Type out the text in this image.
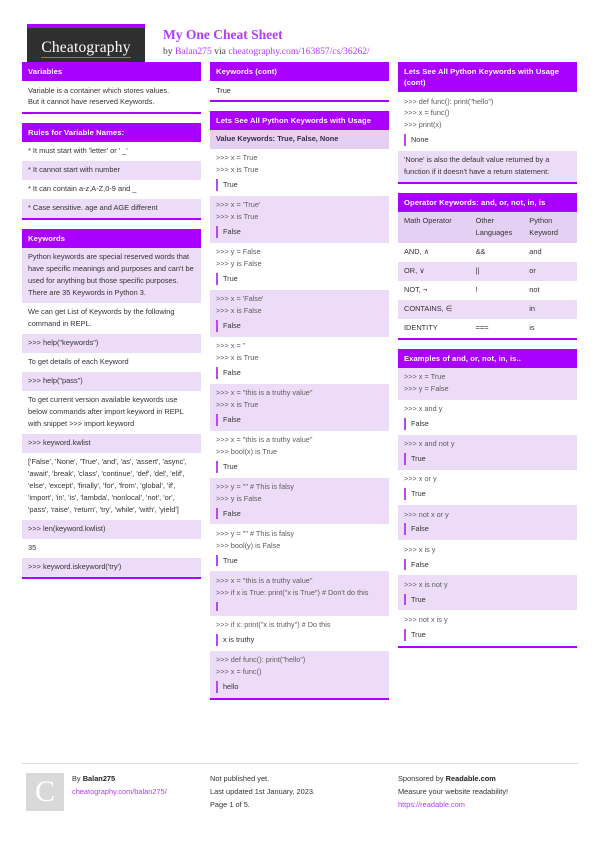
Cheatography
My One Cheat Sheet
by Balan275 via cheatography.com/163857/cs/36262/
Variables

Variable is a container which stores values.

But it cannot have reserved Keywords.

Rules for Variable Names:
* It must start with 'letter' or ' _'
* It cannot start with number
* It can contain a-z,A-Z,0-9 and _
* Case sensitive. age and AGE different
Keywords
Python keywords are special reserved words that have specific meanings and purposes and can't be used for anything but those specific purposes. There are 35 Keywords in Python 3.
We can get List of Keywords by the following command in REPL.
>>> help("keywords")
To get details of each Keyword
>>> help("pass")
To get current version available keywords use below commands after import keyword in REPL with snippet >>> import keyword
>>> keyword.kwlist
['False', 'None', 'True', 'and', 'as', 'assert', 'async', 'await', 'break', 'class', 'continue', 'def', 'del', 'elif', 'else', 'except', 'finally', 'for', 'from', 'global', 'if', 'import', 'in', 'is', 'lambda', 'nonlocal', 'not', 'or', 'pass', 'raise', 'return', 'try', 'while', 'with', 'yield']
>>> len(keyword.kwlist)
35
>>> keyword.iskeyword('try')
Keywords (cont)
True
Lets See All Python Keywords with Usage
Value Keywords: True, False, None
>>> x = True
>>> x is True
True
>>> x = 'True'
>>> x is True
False
>>> y = False
>>> y is False
True
>>> x = 'False'
>>> x is False
False
>>> x = ''
>>> x is True
False
>>> x = "this is a truthy value"
>>> x is True
False
>>> x = "this is a truthy value"
>>> bool(x) is True
True
>>> y = "" # This is falsy
>>> y is False
False
>>> y = "" # This is falsy
>>> bool(y) is False
True
>>> x = "this is a truthy value"
>>> if x is True: print("x is True") # Don't do this
>>> if x: print("x is truthy") # Do this
x is truthy
>>> def func(): print("hello")
>>> x = func()
hello
Lets See All Python Keywords with Usage (cont)
>>> def func(): print("hello")
>>> x = func()
>>> print(x)
None
'None' is also the default value returned by a function if it doesn't have a return statement:
Operator Keywords: and, or, not, in, is
Math Operator	Other Languages	Python Keyword
AND, ∧	&&	and
OR, ∨	||	or
NOT, ¬	!	not
CONTAINS, ∈		in
IDENTITY	===	is
Examples of and, or, not, in, is..
>>> x = True
>>> y = False
>>> x and y
False
>>> x and not y
True
>>> x or y
True
>>> not x or y
False
>>> x is y
False
>>> x is not y
True
>>> not x is y
True
C	By Balan275
cheatography.com/balan275/
Not published yet.
Last updated 1st January, 2023.
Page 1 of 5.
Sponsored by Readable.com
Measure your website readability!
https://readable.com
